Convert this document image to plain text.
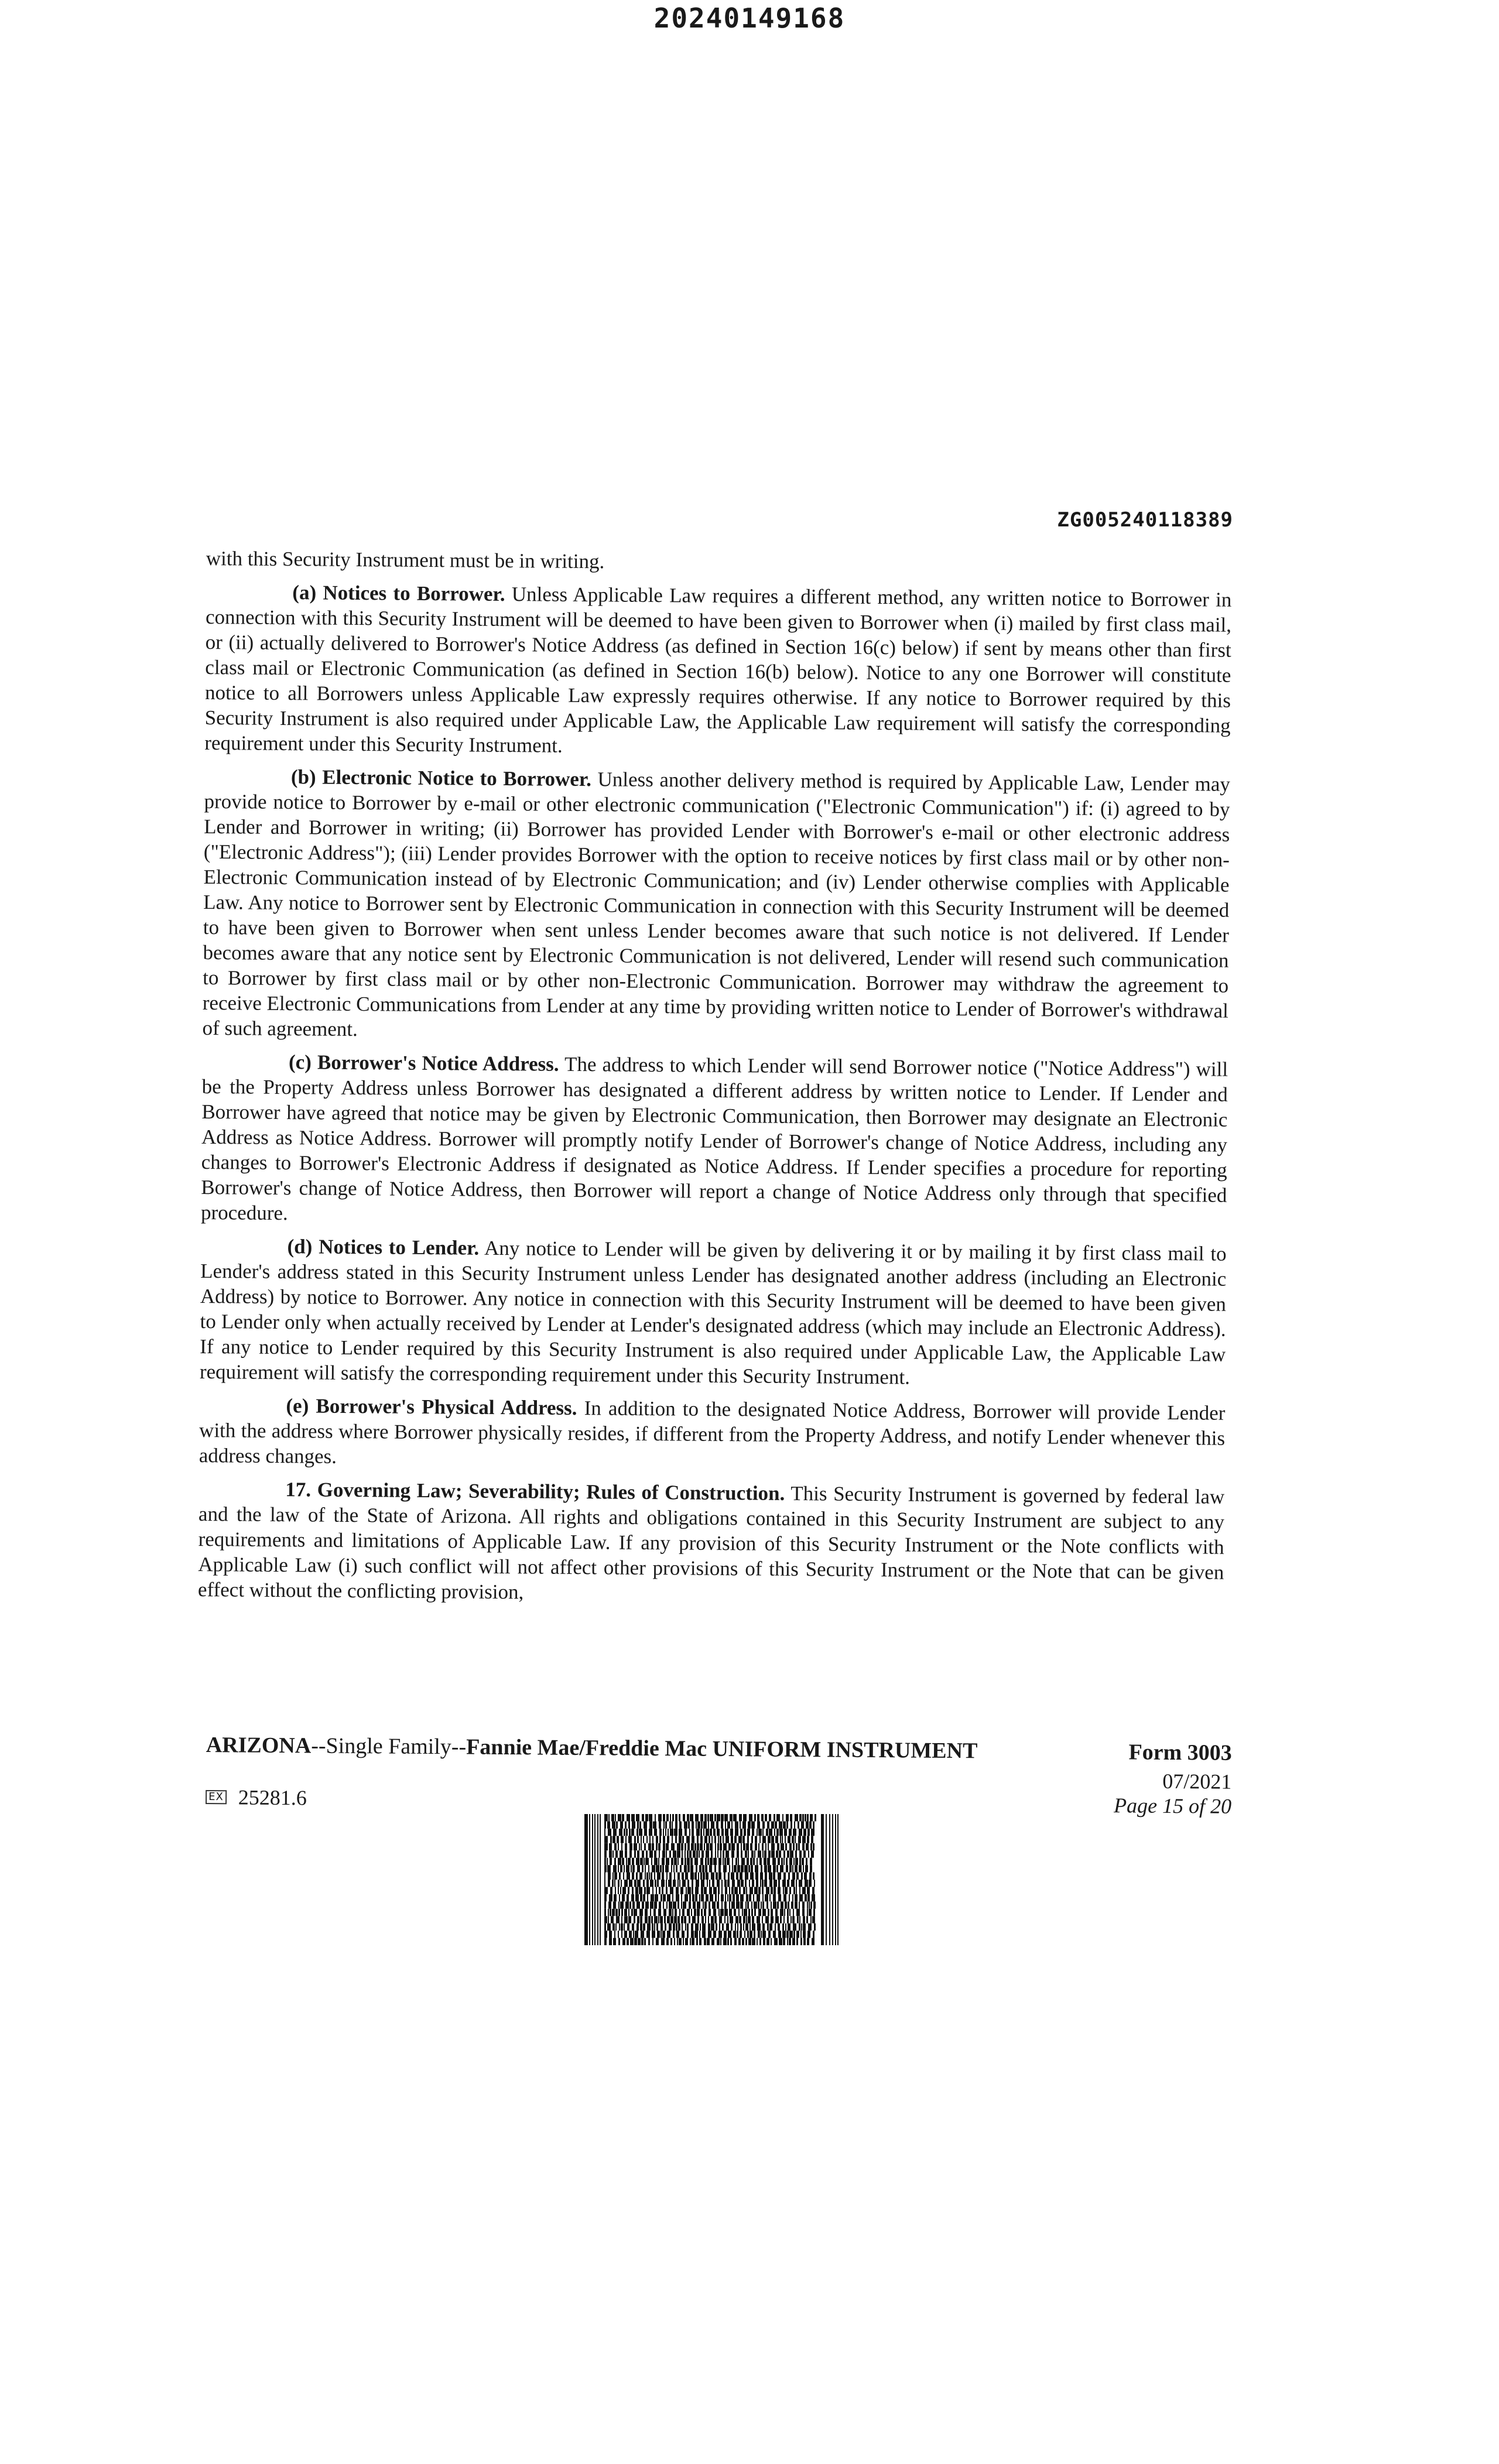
20240149168
ZG005240118389

with this Security Instrument must be in writing.

(a) Notices to Borrower. Unless Applicable Law requires a different method, any written notice to Borrower in connection with this Security Instrument will be deemed to have been given to Borrower when (i) mailed by first class mail, or (ii) actually delivered to Borrower's Notice Address (as defined in Section 16(c) below) if sent by means other than first class mail or Electronic Communication (as defined in Section 16(b) below). Notice to any one Borrower will constitute notice to all Borrowers unless Applicable Law expressly requires otherwise. If any notice to Borrower required by this Security Instrument is also required under Applicable Law, the Applicable Law requirement will satisfy the corresponding requirement under this Security Instrument.

(b) Electronic Notice to Borrower. Unless another delivery method is required by Applicable Law, Lender may provide notice to Borrower by e-mail or other electronic communication ("Electronic Communication") if: (i) agreed to by Lender and Borrower in writing; (ii) Borrower has provided Lender with Borrower's e-mail or other electronic address ("Electronic Address"); (iii) Lender provides Borrower with the option to receive notices by first class mail or by other non-Electronic Communication instead of by Electronic Communication; and (iv) Lender otherwise complies with Applicable Law. Any notice to Borrower sent by Electronic Communication in connection with this Security Instrument will be deemed to have been given to Borrower when sent unless Lender becomes aware that such notice is not delivered. If Lender becomes aware that any notice sent by Electronic Communication is not delivered, Lender will resend such communication to Borrower by first class mail or by other non-Electronic Communication. Borrower may withdraw the agreement to receive Electronic Communications from Lender at any time by providing written notice to Lender of Borrower's withdrawal of such agreement.

(c) Borrower's Notice Address. The address to which Lender will send Borrower notice ("Notice Address") will be the Property Address unless Borrower has designated a different address by written notice to Lender. If Lender and Borrower have agreed that notice may be given by Electronic Communication, then Borrower may designate an Electronic Address as Notice Address. Borrower will promptly notify Lender of Borrower's change of Notice Address, including any changes to Borrower's Electronic Address if designated as Notice Address. If Lender specifies a procedure for reporting Borrower's change of Notice Address, then Borrower will report a change of Notice Address only through that specified procedure.

(d) Notices to Lender. Any notice to Lender will be given by delivering it or by mailing it by first class mail to Lender's address stated in this Security Instrument unless Lender has designated another address (including an Electronic Address) by notice to Borrower. Any notice in connection with this Security Instrument will be deemed to have been given to Lender only when actually received by Lender at Lender's designated address (which may include an Electronic Address). If any notice to Lender required by this Security Instrument is also required under Applicable Law, the Applicable Law requirement will satisfy the corresponding requirement under this Security Instrument.

(e) Borrower's Physical Address. In addition to the designated Notice Address, Borrower will provide Lender with the address where Borrower physically resides, if different from the Property Address, and notify Lender whenever this address changes.

17. Governing Law; Severability; Rules of Construction. This Security Instrument is governed by federal law and the law of the State of Arizona. All rights and obligations contained in this Security Instrument are subject to any requirements and limitations of Applicable Law. If any provision of this Security Instrument or the Note conflicts with Applicable Law (i) such conflict will not affect other provisions of this Security Instrument or the Note that can be given effect without the conflicting provision,

ARIZONA--Single Family--Fannie Mae/Freddie Mac UNIFORM INSTRUMENT	Form 3003
EX 25281.6
07/2021
Page 15 of 20
